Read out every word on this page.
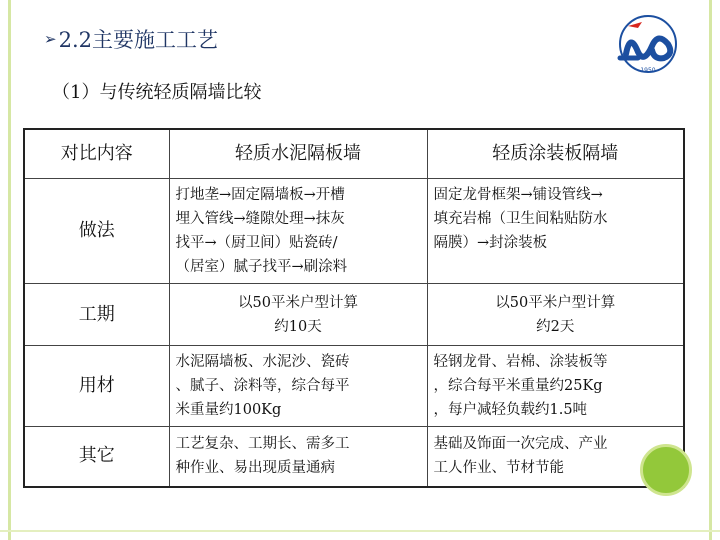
➢ 2.2主要施工工艺
（1）与传统轻质隔墙比较
1950
对比内容	轻质水泥隔板墙	轻质涂装板隔墙
做法	打地垄→固定隔墙板→开槽
埋入管线→缝隙处理→抹灰
找平→（厨卫间）贴瓷砖/
（居室）腻子找平→刷涂料	固定龙骨框架→铺设管线→
填充岩棉（卫生间粘贴防水
隔膜）→封涂装板

工期	以50平米户型计算
约10天	以50平米户型计算
约2天

用材	水泥隔墙板、水泥沙、瓷砖
、腻子、涂料等，综合每平
米重量约100Kg	轻钢龙骨、岩棉、涂装板等
，综合每平米重量约25Kg
，每户减轻负载约1.5吨

其它	工艺复杂、工期长、需多工
种作业、易出现质量通病	基础及饰面一次完成、产业
工人作业、节材节能
